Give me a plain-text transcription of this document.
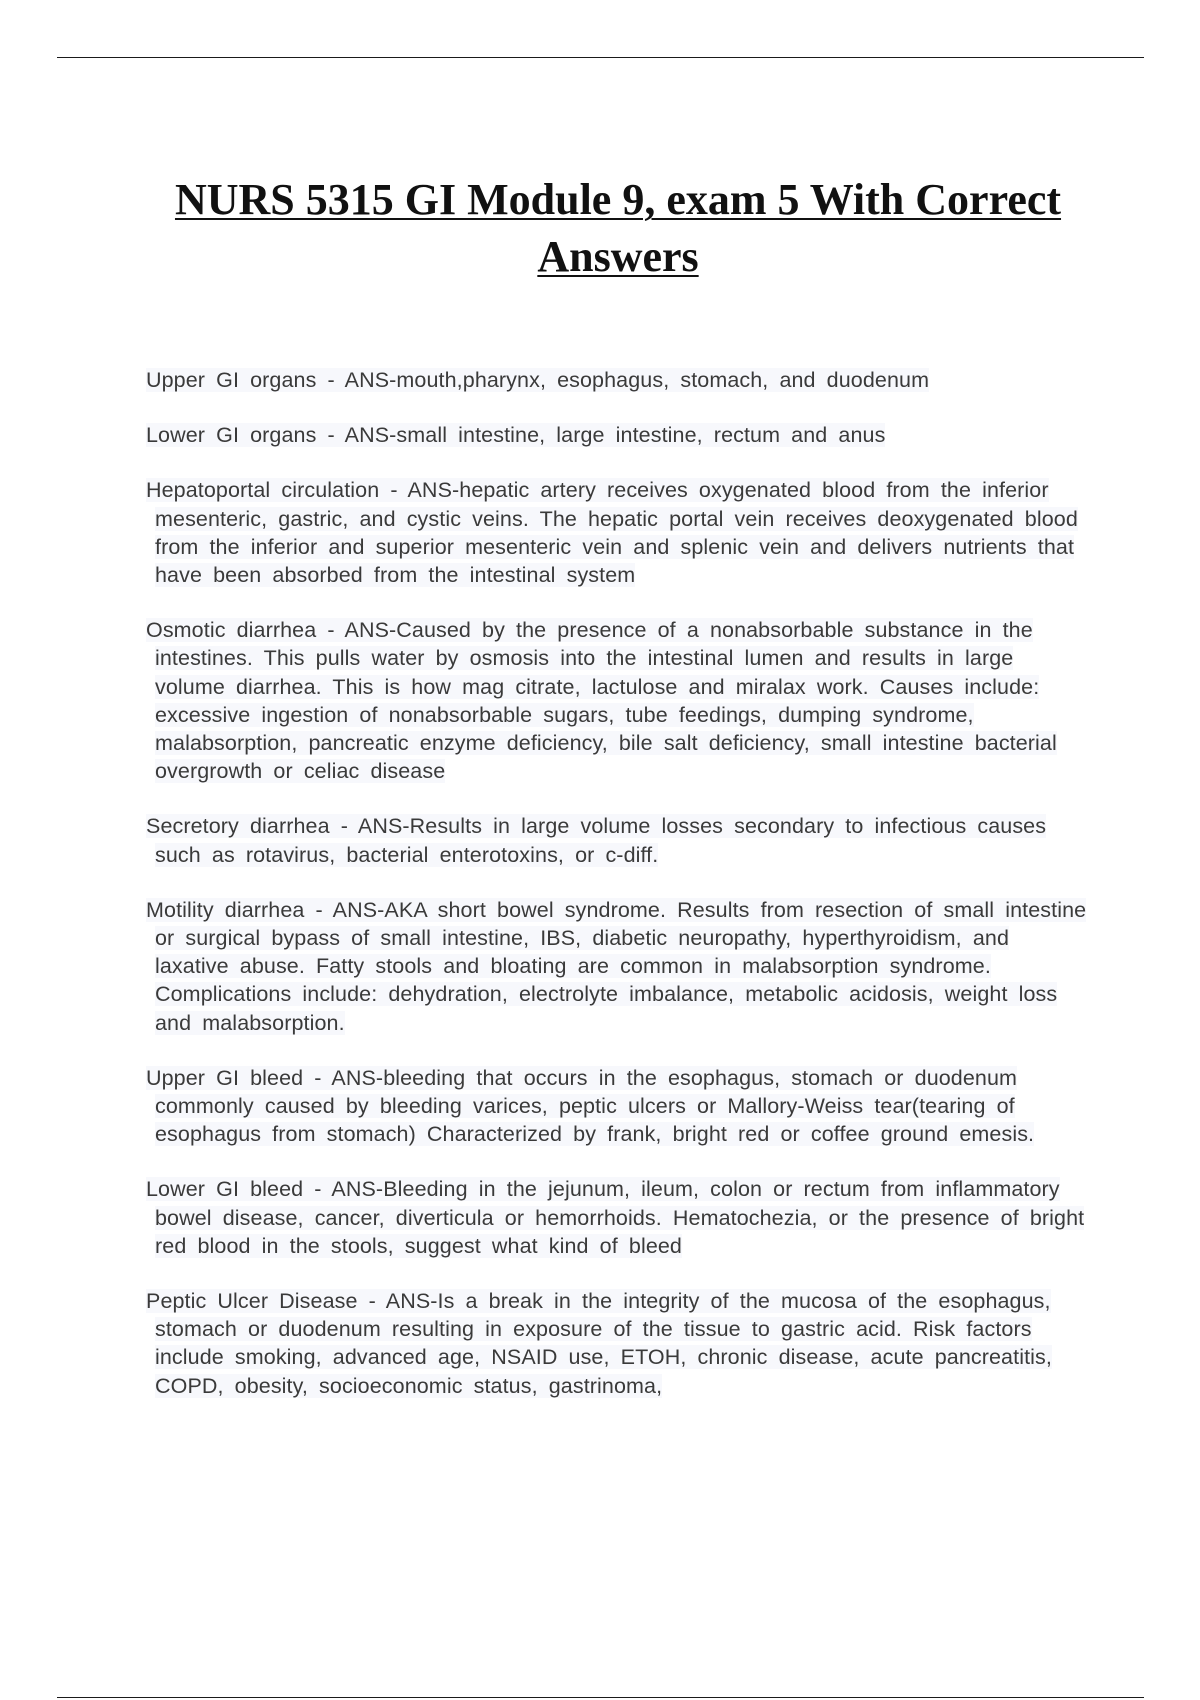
NURS 5315 GI Module 9, exam 5 With Correct Answers

Upper GI organs - ANS-mouth,pharynx, esophagus, stomach, and duodenum

Lower GI organs - ANS-small intestine, large intestine, rectum and anus

Hepatoportal circulation - ANS-hepatic artery receives oxygenated blood from the inferior mesenteric, gastric, and cystic veins. The hepatic portal vein receives deoxygenated blood from the inferior and superior mesenteric vein and splenic vein and delivers nutrients that have been absorbed from the intestinal system

Osmotic diarrhea - ANS-Caused by the presence of a nonabsorbable substance in the intestines. This pulls water by osmosis into the intestinal lumen and results in large volume diarrhea. This is how mag citrate, lactulose and miralax work. Causes include: excessive ingestion of nonabsorbable sugars, tube feedings, dumping syndrome, malabsorption, pancreatic enzyme deficiency, bile salt deficiency, small intestine bacterial overgrowth or celiac disease

Secretory diarrhea - ANS-Results in large volume losses secondary to infectious causes such as rotavirus, bacterial enterotoxins, or c-diff.

Motility diarrhea - ANS-AKA short bowel syndrome. Results from resection of small intestine or surgical bypass of small intestine, IBS, diabetic neuropathy, hyperthyroidism, and laxative abuse. Fatty stools and bloating are common in malabsorption syndrome. Complications include: dehydration, electrolyte imbalance, metabolic acidosis, weight loss and malabsorption.

Upper GI bleed - ANS-bleeding that occurs in the esophagus, stomach or duodenum commonly caused by bleeding varices, peptic ulcers or Mallory-Weiss tear(tearing of esophagus from stomach) Characterized by frank, bright red or coffee ground emesis.

Lower GI bleed - ANS-Bleeding in the jejunum, ileum, colon or rectum from inflammatory bowel disease, cancer, diverticula or hemorrhoids. Hematochezia, or the presence of bright red blood in the stools, suggest what kind of bleed

Peptic Ulcer Disease - ANS-Is a break in the integrity of the mucosa of the esophagus, stomach or duodenum resulting in exposure of the tissue to gastric acid. Risk factors include smoking, advanced age, NSAID use, ETOH, chronic disease, acute pancreatitis, COPD, obesity, socioeconomic status, gastrinoma,
